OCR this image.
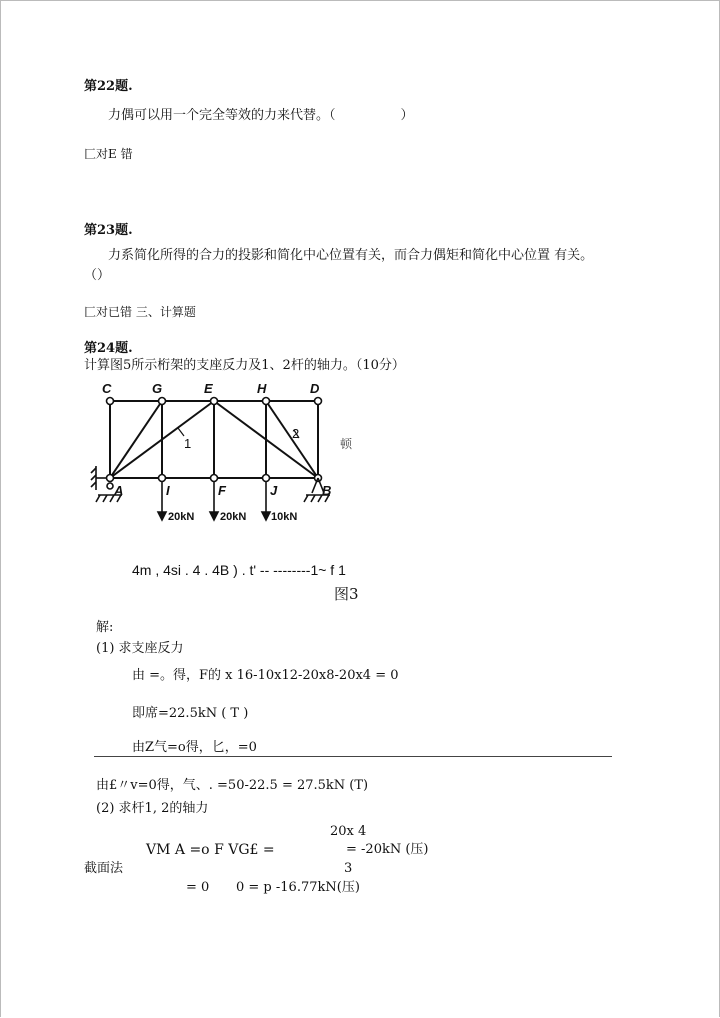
第22题.
力偶可以用一个完全等效的力来代替。（　　　　　）
匚对E 错
第23题.
力系简化所得的合力的投影和简化中心位置有关，而合力偶矩和简化中心位置 有关。
（）
匚对已错 三、计算题
第24题.
计算图5所示桁架的支座反力及1、2杆的轴力。（10分）
C	G	E	H	D
A	I	F	J	B
1
2
20kN 20kN 10kN
顿
4m , 4si . 4 . 4B ) . t' -- --------1~ f 1
图3
解:
(1) 求支座反力
由 =。得，F的 x 16-10x12-20x8-20x4 = 0
即席=22.5kN ( T )
由Z气=o得，匕，=0
由£〃v=0得，气、. =50-22.5 = 27.5kN (T)
(2) 求杆1, 2的轴力
20x 4
VM A =o F VG£ =	= -20kN (压)
截面法	3
= 0 0 = p -16.77kN(压)
